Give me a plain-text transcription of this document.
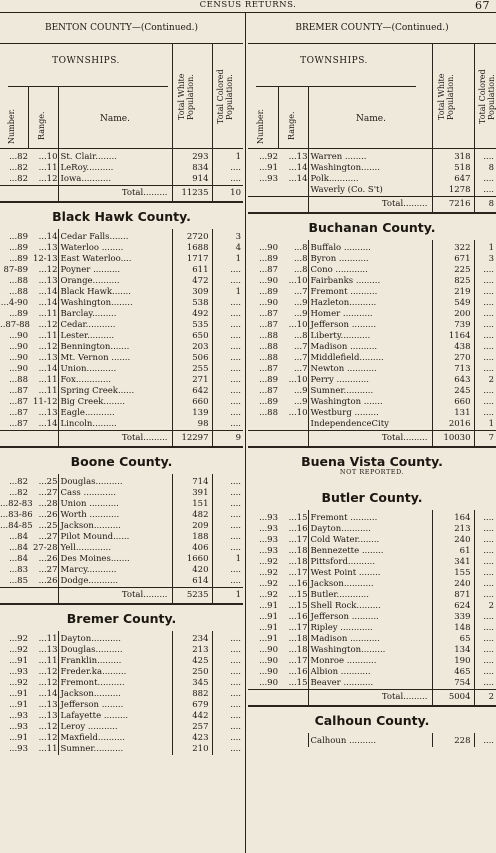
CENSUS RETURNS.	67
BENTON COUNTY—(Continued.)
TOWNSHIPS.
Number.	Range.	Name.	Total White Population.	Total Colored Population.
...82	...10	St. Clair........	293	1
...82	...11	LeRoy..........	834	....
...82	...12	Iowa...........	914	....
		Total.........	11235	10
Black Hawk County.
...89	...14	Cedar Falls.......	2720	3
...89	...13	Waterloo ........	1688	4
...89	12-13	East Waterloo....	1717	1
87-89	...12	Poyner ..........	611	....
...88	...13	Orange..........	472	....
...88	...14	Black Hawk.......	309	1
...4-90	...14	Washington........	538	....
...89	...11	Barclay.........	492	....
..87-88	...12	Cedar...........	535	....
...90	...11	Lester..........	650	....
...90	...12	Bennington.......	203	....
...90	...13	Mt. Vernon .......	506	....
...90	...14	Union...........	255	....
...88	...11	Fox.............	271	....
...87	...11	Spring Creek......	642	....
...87	11-12	Big Creek........	660	....
...87	...13	Eagle...........	139	....
...87	...14	Lincoln.........	98	....
		Total.........	12297	9
Boone County.
...82	...25	Douglas..........	714	....
...82	...27	Cass ............	391	....
...82-83	...28	Union ...........	151	....
...83-86	...26	Worth ...........	482	....
...84-85	...25	Jackson..........	209	....
...84	...27	Pilot Mound......	188	....
...84	27-28	Yell.............	406	....
...84	...26	Des Moines.......	1660	1
...83	...27	Marcy...........	420	....
...85	...26	Dodge...........	614	....
		Total.........	5235	1
Bremer County.
...92	...11	Dayton...........	234	....
...92	...13	Douglas..........	213	....
...91	...11	Franklin.........	425	....
...93	...12	Freder.ka.........	250	....
...92	...12	Fremont..........	345	....
...91	...14	Jackson..........	882	....
...91	...13	Jefferson ........	679	....
...93	...13	Lafayette .........	442	....
...93	...12	Leroy ...........	257	....
...91	...12	Maxfield..........	423	....
...93	...11	Sumner...........	210	....
BREMER COUNTY—(Continued.)
TOWNSHIPS.
Number.	Range.	Name.	Total White Population.	Total Colored Population.
...92	...13	Warren ........	318	....
...91	...14	Washington.......	518	8
...93	...14	Polk...........	647	....
		Waverly (Co. S't)	1278	....
		Total.........	7216	8
Buchanan County.
...90	...8	Buffalo ..........	322	1
...89	...8	Byron ...........	671	3
...87	...8	Cono ............	225	....
...90	...10	Fairbanks .........	825	....
...89	...7	Fremont ..........	219	....
...90	...9	Hazleton..........	549	....
...87	...9	Homer ...........	200	....
...87	...10	Jefferson .........	739	....
...88	...8	Liberty...........	1164	....
...88	...7	Madison ..........	438	....
...88	...7	Middlefield.........	270	....
...87	...7	Newton ...........	713	....
...89	...10	Perry ............	643	2
...87	...9	Sumner...........	245	....
...89	...9	Washington .......	660	....
...88	...10	Westburg .........	131	....
		IndependenceCity	2016	1
		Total.........	10030	7
Buena Vista County.
NOT REPORTED.
Butler County.
...93	...15	Fremont ..........	164	....
...93	...16	Dayton...........	213	....
...93	...17	Cold Water........	240	....
...93	...18	Bennezette ........	61	....
...92	...18	Pittsford..........	341	....
...92	...17	West Point ........	155	....
...92	...16	Jackson...........	240	....
...92	...15	Butler............	871	....
...91	...15	Shell Rock.........	624	2
...91	...16	Jefferson ..........	339	....
...91	...17	Ripley ............	148	....
...91	...18	Madison ...........	65	....
...90	...18	Washington.........	134	....
...90	...17	Monroe ...........	190	....
...90	...16	Albion ...........	465	....
...90	...15	Beaver ...........	754	....
		Total.........	5004	2
Calhoun County.
		Calhoun ..........	228	....
